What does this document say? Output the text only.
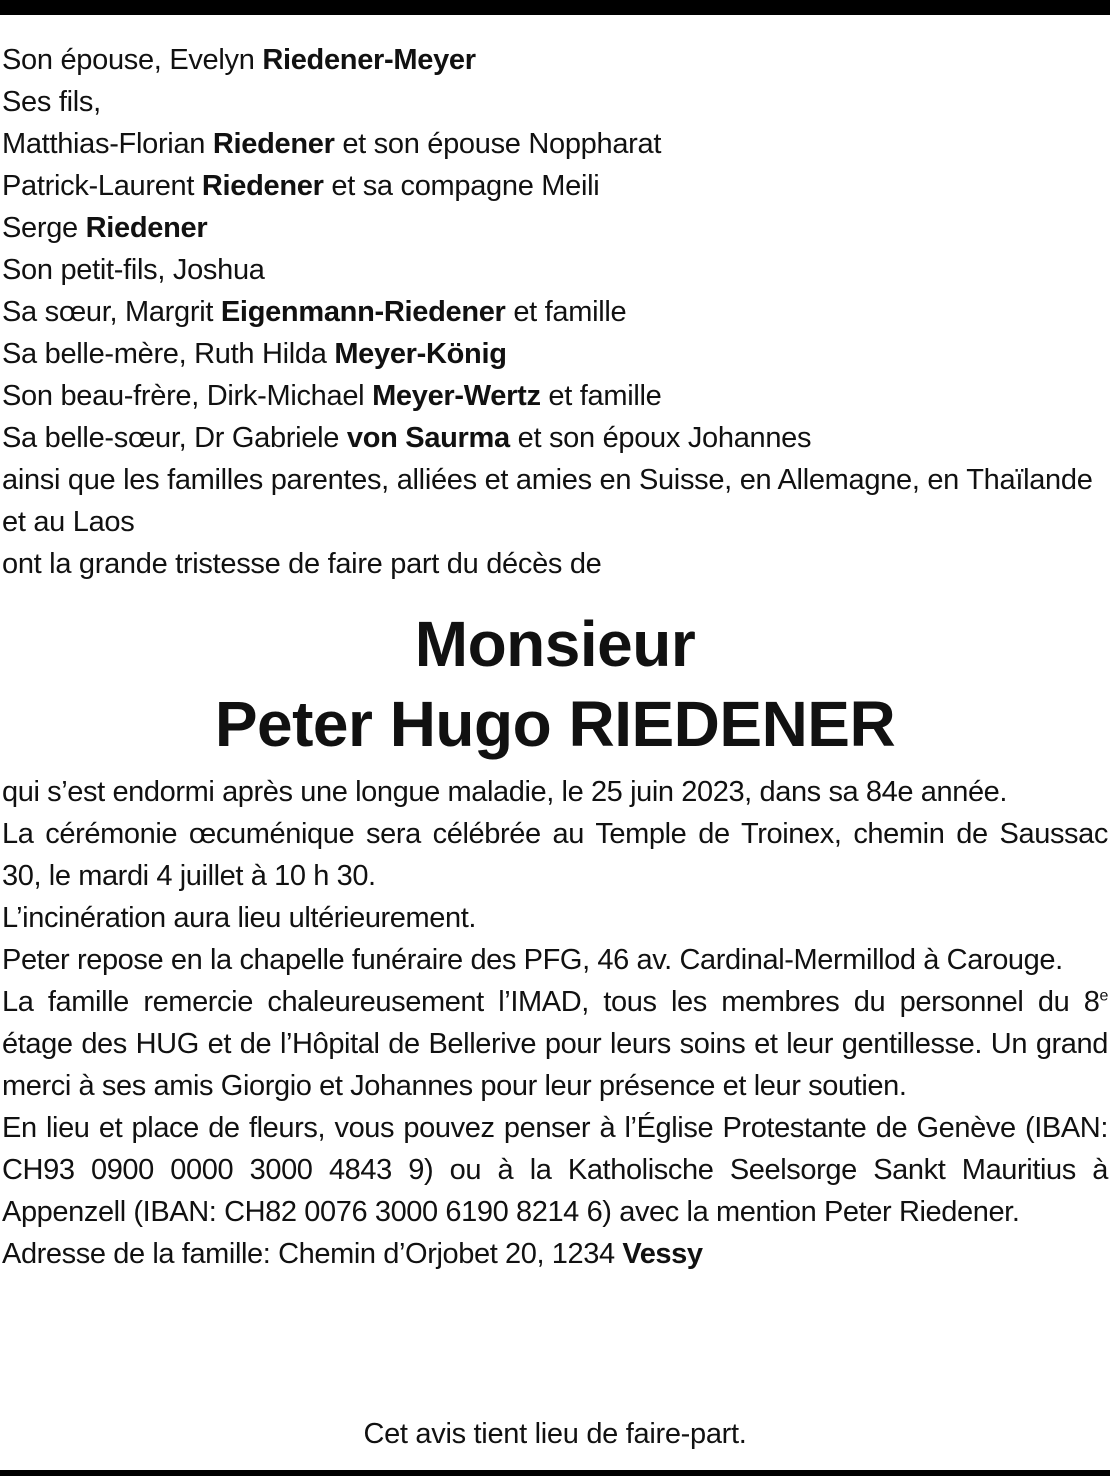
Son épouse, Evelyn Riedener-Meyer
Ses fils,
Matthias-Florian Riedener et son épouse Noppharat
Patrick-Laurent Riedener et sa compagne Meili
Serge Riedener
Son petit-fils, Joshua
Sa sœur, Margrit Eigenmann-Riedener et famille
Sa belle-mère, Ruth Hilda Meyer-König
Son beau-frère, Dirk-Michael Meyer-Wertz et famille
Sa belle-sœur, Dr Gabriele von Saurma et son époux Johannes
ainsi que les familles parentes, alliées et amies en Suisse, en Allemagne, en Thaïlande et au Laos
ont la grande tristesse de faire part du décès de
Monsieur
Peter Hugo RIEDENER

qui s’est endormi après une longue maladie, le 25 juin 2023, dans sa 84e année.

La cérémonie œcuménique sera célébrée au Temple de Troinex, chemin de Saussac 30, le mardi 4 juillet à 10 h 30.

L’incinération aura lieu ultérieurement.

Peter repose en la chapelle funéraire des PFG, 46 av. Cardinal-Mermillod à Carouge.

La famille remercie chaleureusement l’IMAD, tous les membres du personnel du 8e étage des HUG et de l’Hôpital de Bellerive pour leurs soins et leur gentillesse. Un grand merci à ses amis Giorgio et Johannes pour leur présence et leur soutien.

En lieu et place de fleurs, vous pouvez penser à l’Église Protestante de Genève (IBAN: CH93 0900 0000 3000 4843 9) ou à la Katholische Seelsorge Sankt Mauritius à Appenzell (IBAN: CH82 0076 3000 6190 8214 6) avec la mention Peter Riedener.

Adresse de la famille: Chemin d’Orjobet 20, 1234 Vessy

Cet avis tient lieu de faire-part.
